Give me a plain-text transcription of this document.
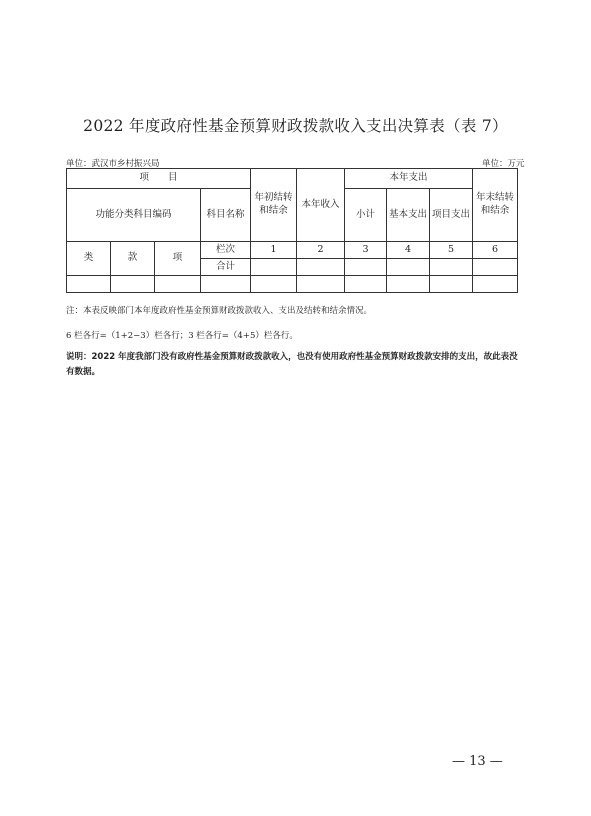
2022 年度政府性基金预算财政拨款收入支出决算表（表 7）
单位：武汉市乡村振兴局	单位：万元
项　　目				年初结转和结余	本年收入	本年支出			年末结转和结余
功能分类科目编码			科目名称			小计	基本支出	项目支出	

类	款	项	栏次	1	2	3	4	5	6
			合计						

注：本表反映部门本年度政府性基金预算财政拨款收入、支出及结转和结余情况。
6 栏各行=（1+2−3）栏各行；3 栏各行=（4+5）栏各行。
说明：2022 年度我部门没有政府性基金预算财政拨款收入，也没有使用政府性基金预算财政拨款安排的支出，故此表没有数据。
— 13 —
